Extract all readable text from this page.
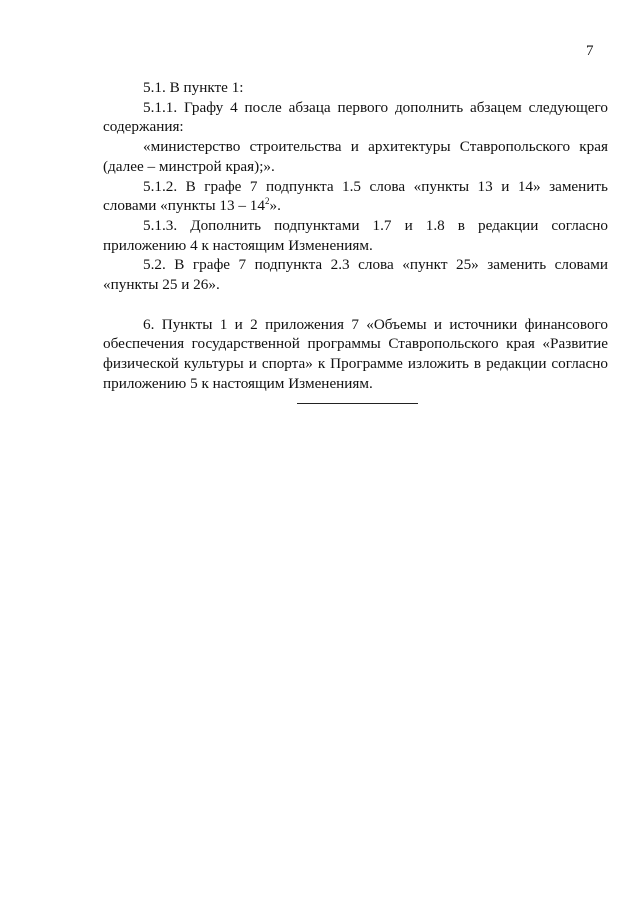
7

5.1. В пункте 1:

5.1.1. Графу 4 после абзаца первого дополнить абзацем следующего содержания:

«министерство строительства и архитектуры Ставропольского края (далее – минстрой края);».

5.1.2. В графе 7 подпункта 1.5 слова «пункты 13 и 14» заменить словами «пункты $13 - 14^2$».

5.1.3. Дополнить подпунктами 1.7 и 1.8 в редакции согласно приложению 4 к настоящим Изменениям.

5.2. В графе 7 подпункта 2.3 слова «пункт 25» заменить словами «пункты 25 и 26».

6. Пункты 1 и 2 приложения 7 «Объемы и источники финансового обеспечения государственной программы Ставропольского края «Развитие физической культуры и спорта» к Программе изложить в редакции согласно приложению 5 к настоящим Изменениям.
